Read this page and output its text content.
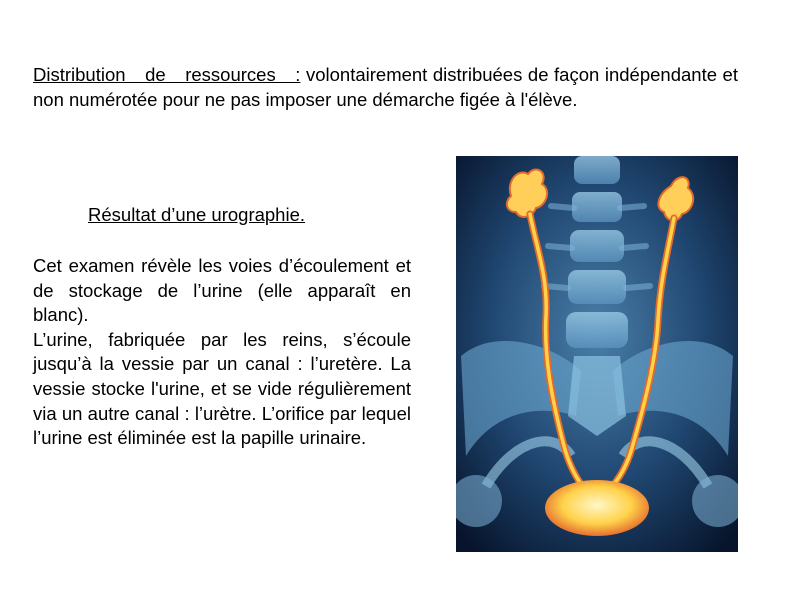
Distribution de ressources : volontairement distribuées de façon indépendante et non numérotée pour ne pas imposer une démarche figée à l'élève.

Résultat d’une urographie.

Cet examen révèle les voies d’écoulement et de stockage de l’urine (elle apparaît en blanc).

L’urine, fabriquée par les reins, s’écoule jusqu’à la vessie par un canal : l’uretère. La vessie stocke l'urine, et se vide régulièrement via un autre canal : l’urètre. L’orifice par lequel l’urine est éliminée est la papille urinaire.
